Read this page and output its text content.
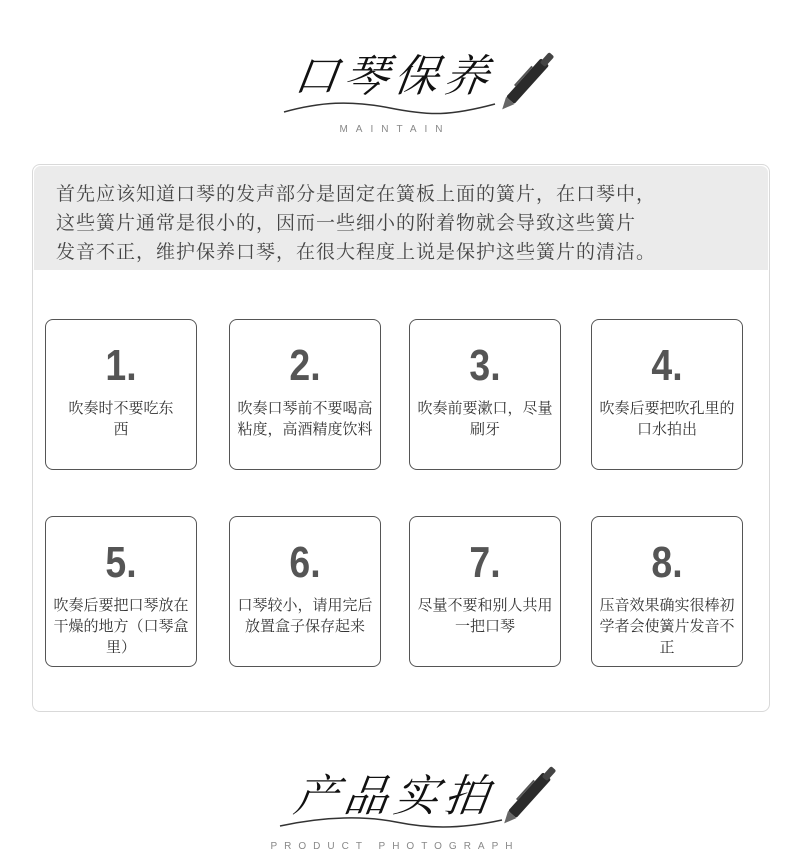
口琴保养
MAINTAIN
首先应该知道口琴的发声部分是固定在簧板上面的簧片，在口琴中，
这些簧片通常是很小的，因而一些细小的附着物就会导致这些簧片
发音不正，维护保养口琴，在很大程度上说是保护这些簧片的清洁。
1.
吹奏时不要吃东西
2.
吹奏口琴前不要喝高粘度，高酒精度饮料
3.
吹奏前要漱口，尽量刷牙
4.
吹奏后要把吹孔里的口水拍出
5.
吹奏后要把口琴放在干燥的地方（口琴盒里）
6.
口琴较小，请用完后放置盒子保存起来
7.
尽量不要和别人共用一把口琴
8.
压音效果确实很棒初学者会使簧片发音不正
产品实拍
PRODUCT PHOTOGRAPH
